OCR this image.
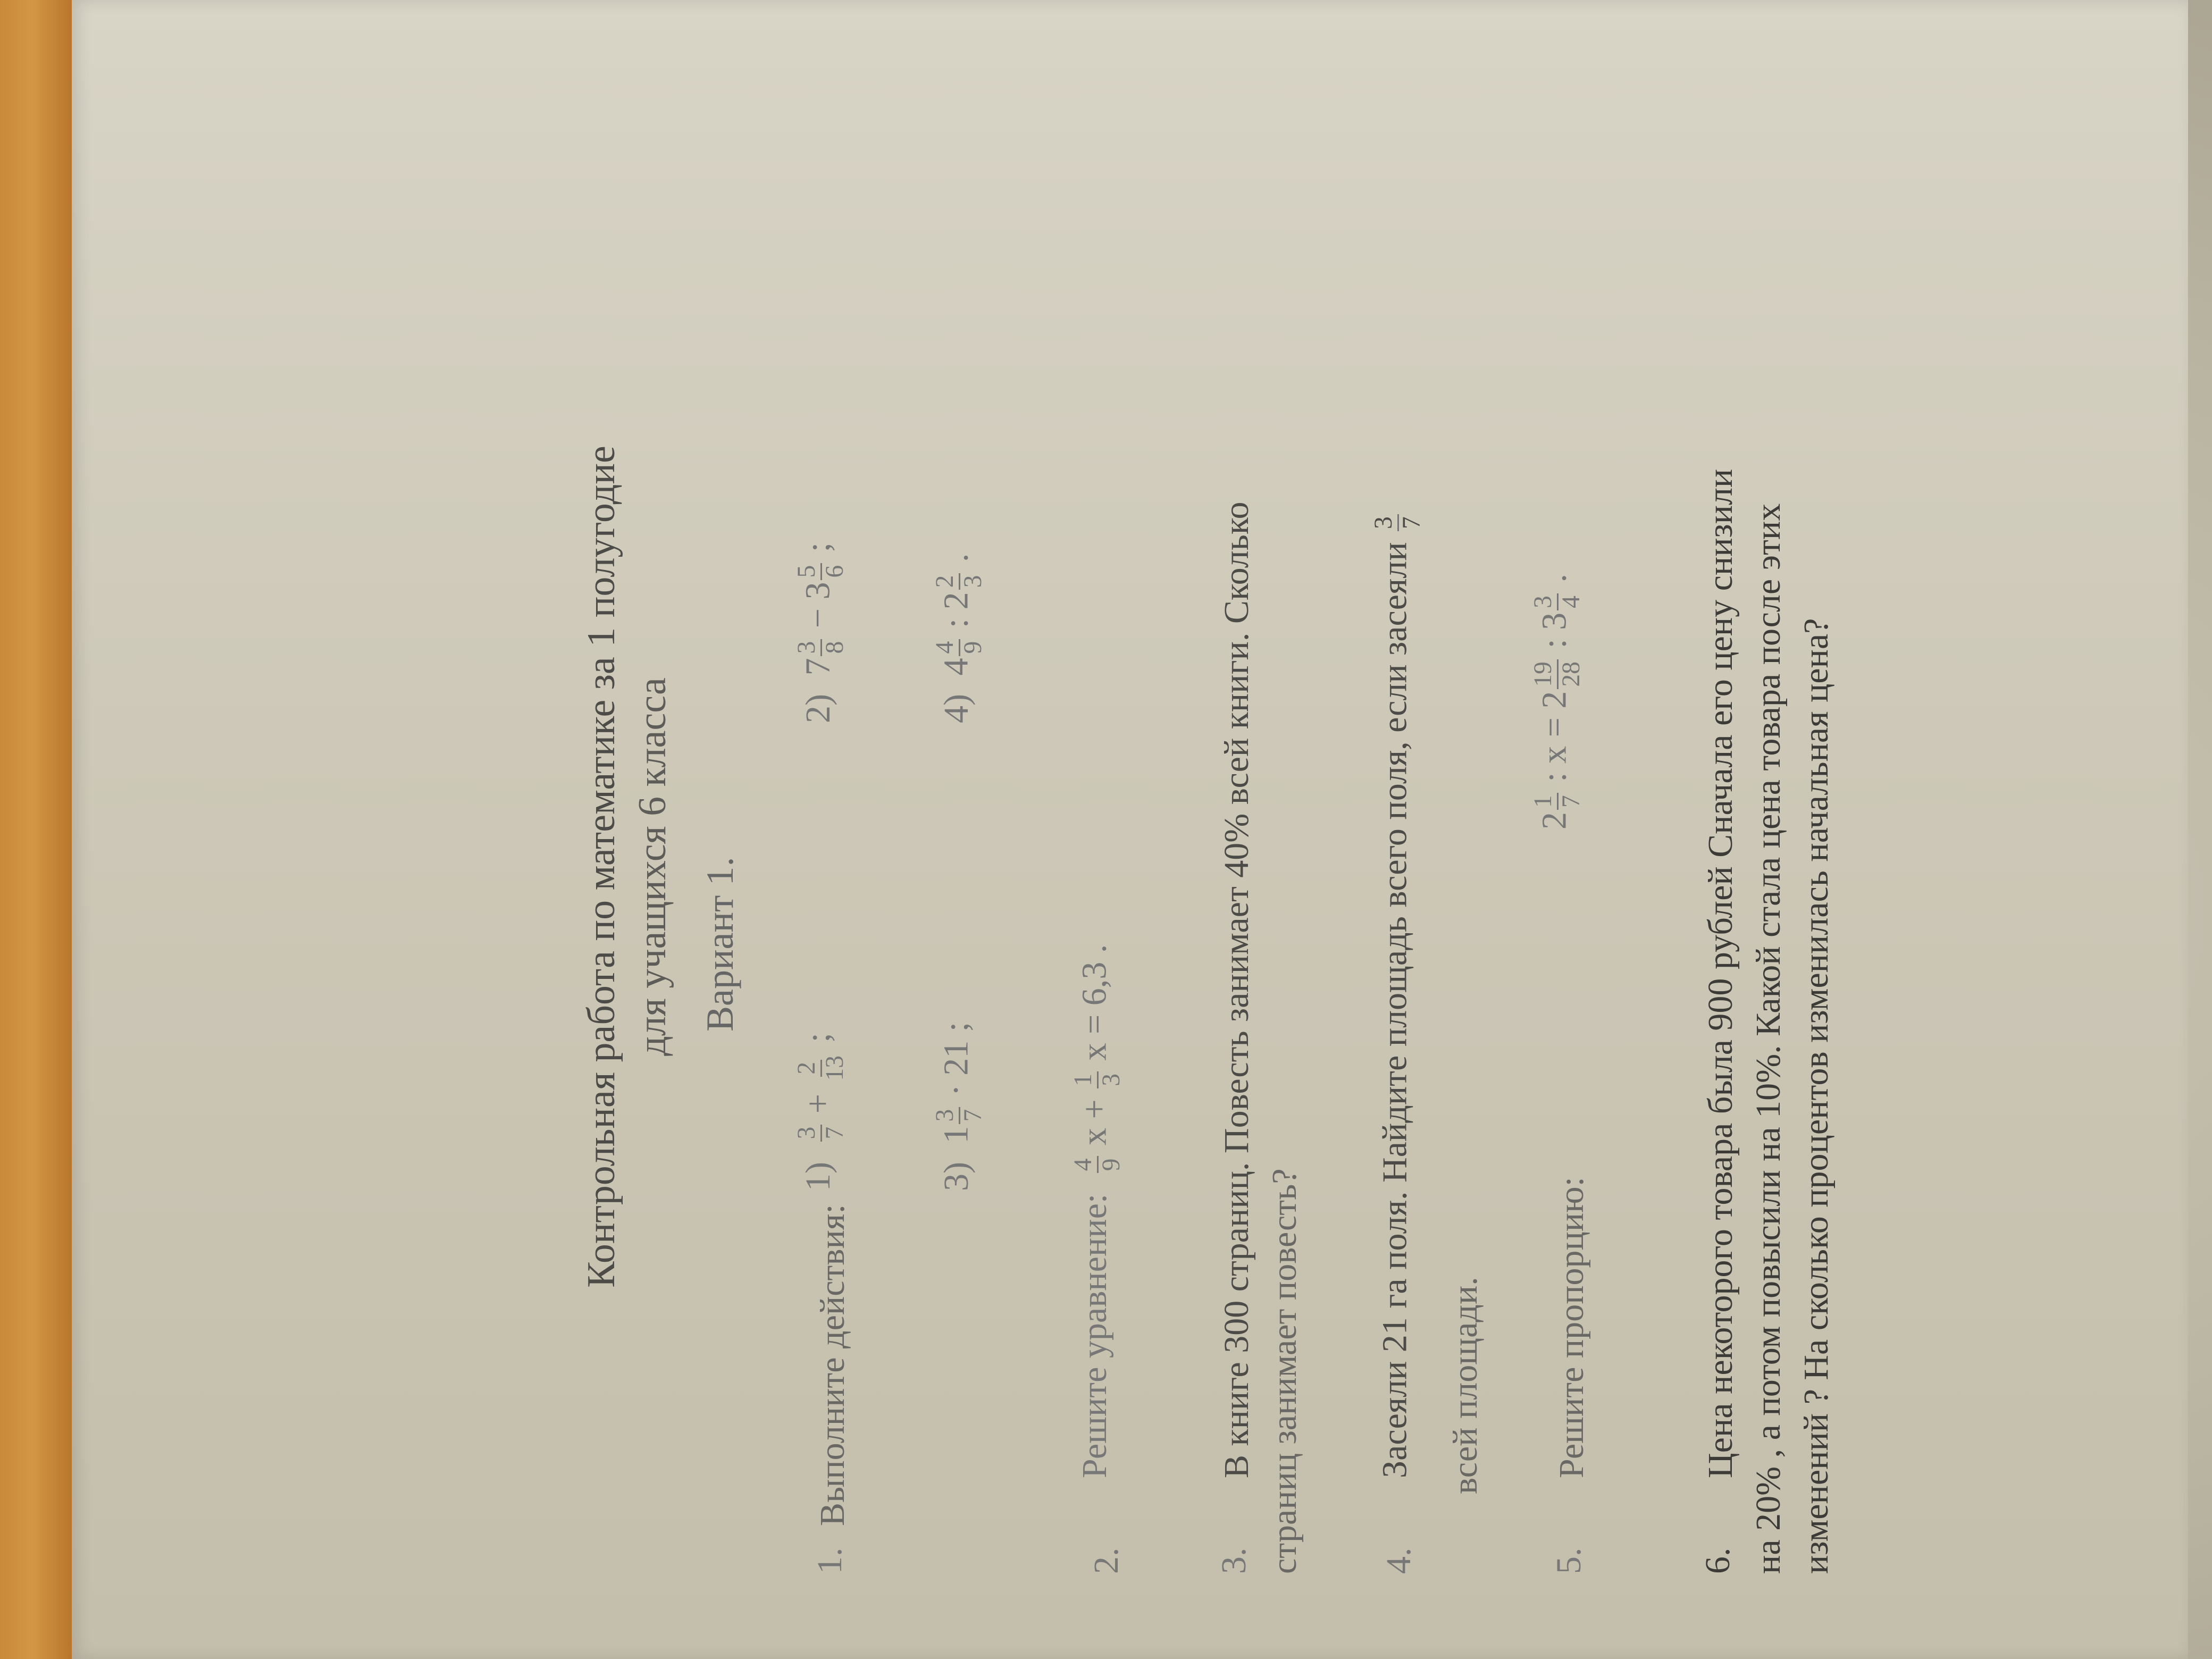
Контрольная работа по математике за 1 полугодие для учащихся 6 класса Вариант 1.
1.
Выполните действия:
1)
3 7
+
2 13
;
2) 7
3 8
− 3
5 6
;
3) 1
3 7
· 21 ;
4) 4
4 9
: 2
2 3
.
2.
Решите уравнение:
4 9
x +
1 3
x = 6,3 .
3.
В книге 300 страниц. Повесть занимает 40% всей книги. Сколько страниц занимает повесть? 4.
Засеяли 21 га поля. Найдите площадь всего поля, если засеяли
3 7
всей площади.
5.
Решите пропорцию:
2
1 7
: x = 2
19 28
: 3
3 4
.
6.
Цена некоторого товара была 900 рублей Сначала его цену снизили на 20% , а потом повысили на 10%. Какой стала цена товара после этих изменений ? На сколько процентов изменилась начальная цена?
